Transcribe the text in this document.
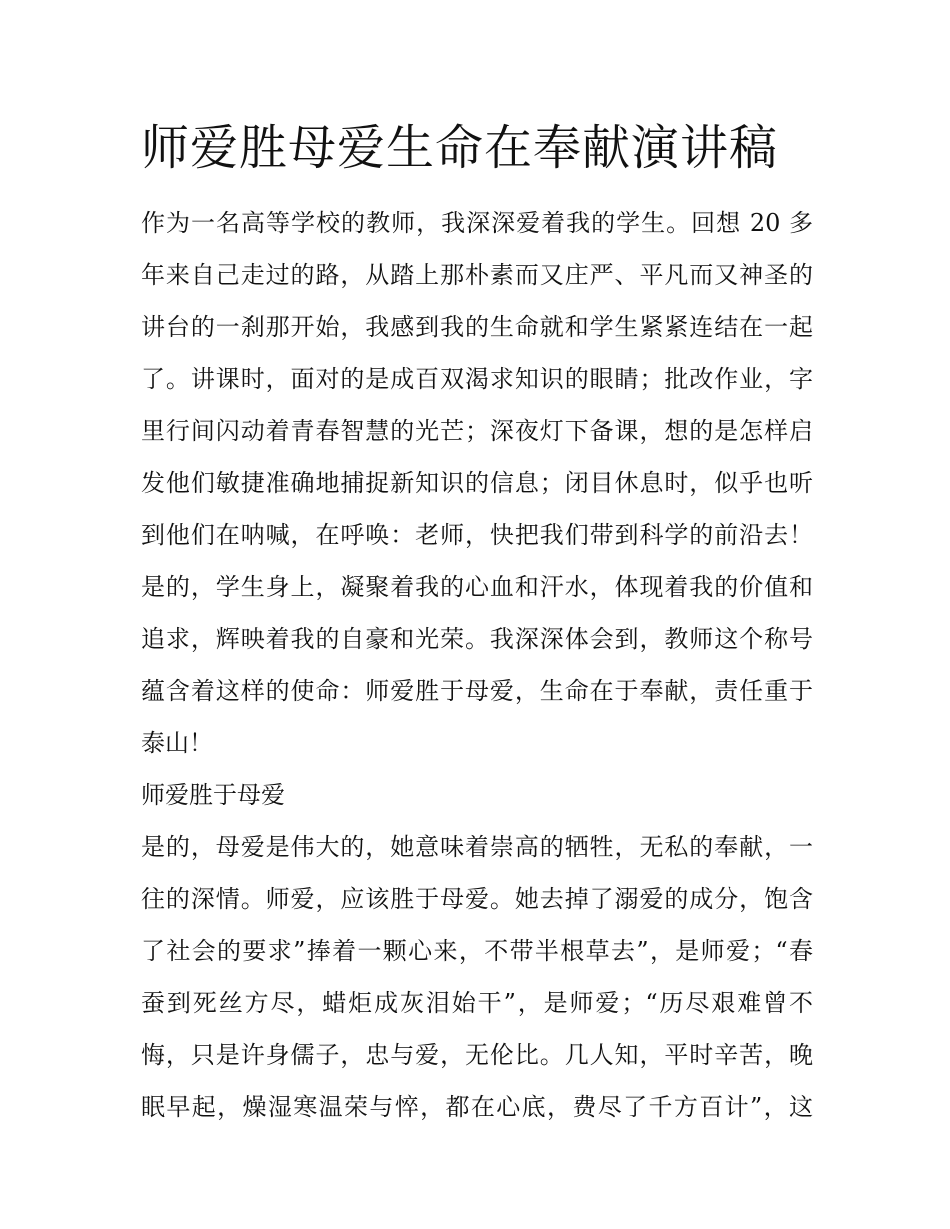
师爱胜母爱生命在奉献演讲稿
作为一名高等学校的教师，我深深爱着我的学生。回想 20 多
年来自己走过的路，从踏上那朴素而又庄严、平凡而又神圣的
讲台的一刹那开始，我感到我的生命就和学生紧紧连结在一起
了。讲课时，面对的是成百双渴求知识的眼睛；批改作业，字
里行间闪动着青春智慧的光芒；深夜灯下备课，想的是怎样启
发他们敏捷准确地捕捉新知识的信息；闭目休息时，似乎也听
到他们在呐喊，在呼唤：老师，快把我们带到科学的前沿去！
是的，学生身上，凝聚着我的心血和汗水，体现着我的价值和
追求，辉映着我的自豪和光荣。我深深体会到，教师这个称号
蕴含着这样的使命：师爱胜于母爱，生命在于奉献，责任重于
泰山！
师爱胜于母爱
是的，母爱是伟大的，她意味着崇高的牺牲，无私的奉献，一
往的深情。师爱，应该胜于母爱。她去掉了溺爱的成分，饱含
了社会的要求”捧着一颗心来，不带半根草去”，是师爱；“春
蚕到死丝方尽，蜡炬成灰泪始干”，是师爱；“历尽艰难曾不
悔，只是许身儒子，忠与爱，无伦比。几人知，平时辛苦，晚
眠早起，燥湿寒温荣与悴，都在心底，费尽了千方百计”，这
